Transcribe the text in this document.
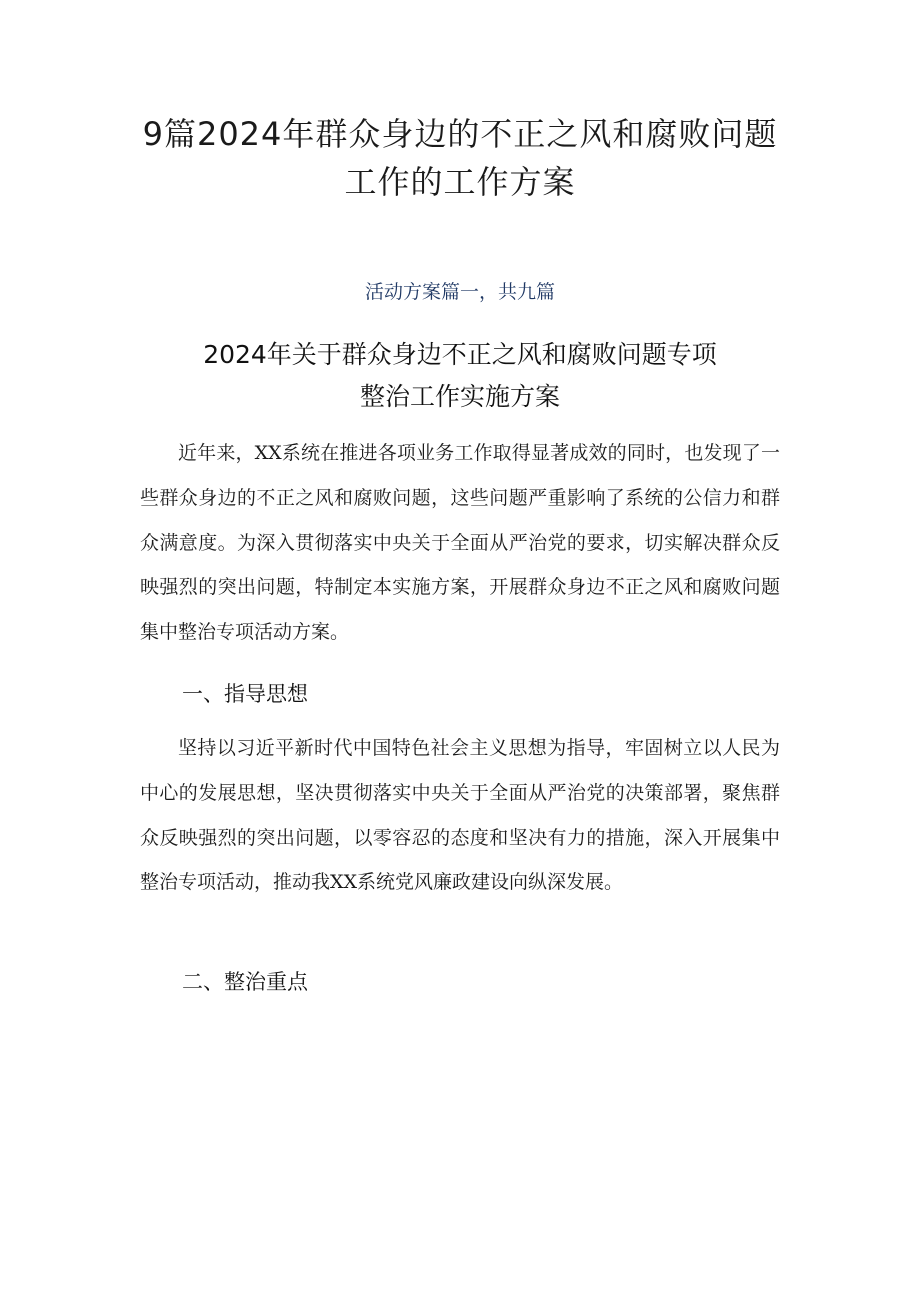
9篇2024年群众身边的不正之风和腐败问题工作的工作方案
活动方案篇一，共九篇
2024年关于群众身边不正之风和腐败问题专项
整治工作实施方案

近年来，XX系统在推进各项业务工作取得显著成效的同时，也发现了一些群众身边的不正之风和腐败问题，这些问题严重影响了系统的公信力和群众满意度。为深入贯彻落实中央关于全面从严治党的要求，切实解决群众反映强烈的突出问题，特制定本实施方案，开展群众身边不正之风和腐败问题集中整治专项活动方案。

一、指导思想

坚持以习近平新时代中国特色社会主义思想为指导，牢固树立以人民为中心的发展思想，坚决贯彻落实中央关于全面从严治党的决策部署，聚焦群众反映强烈的突出问题，以零容忍的态度和坚决有力的措施，深入开展集中整治专项活动，推动我XX系统党风廉政建设向纵深发展。

二、整治重点
